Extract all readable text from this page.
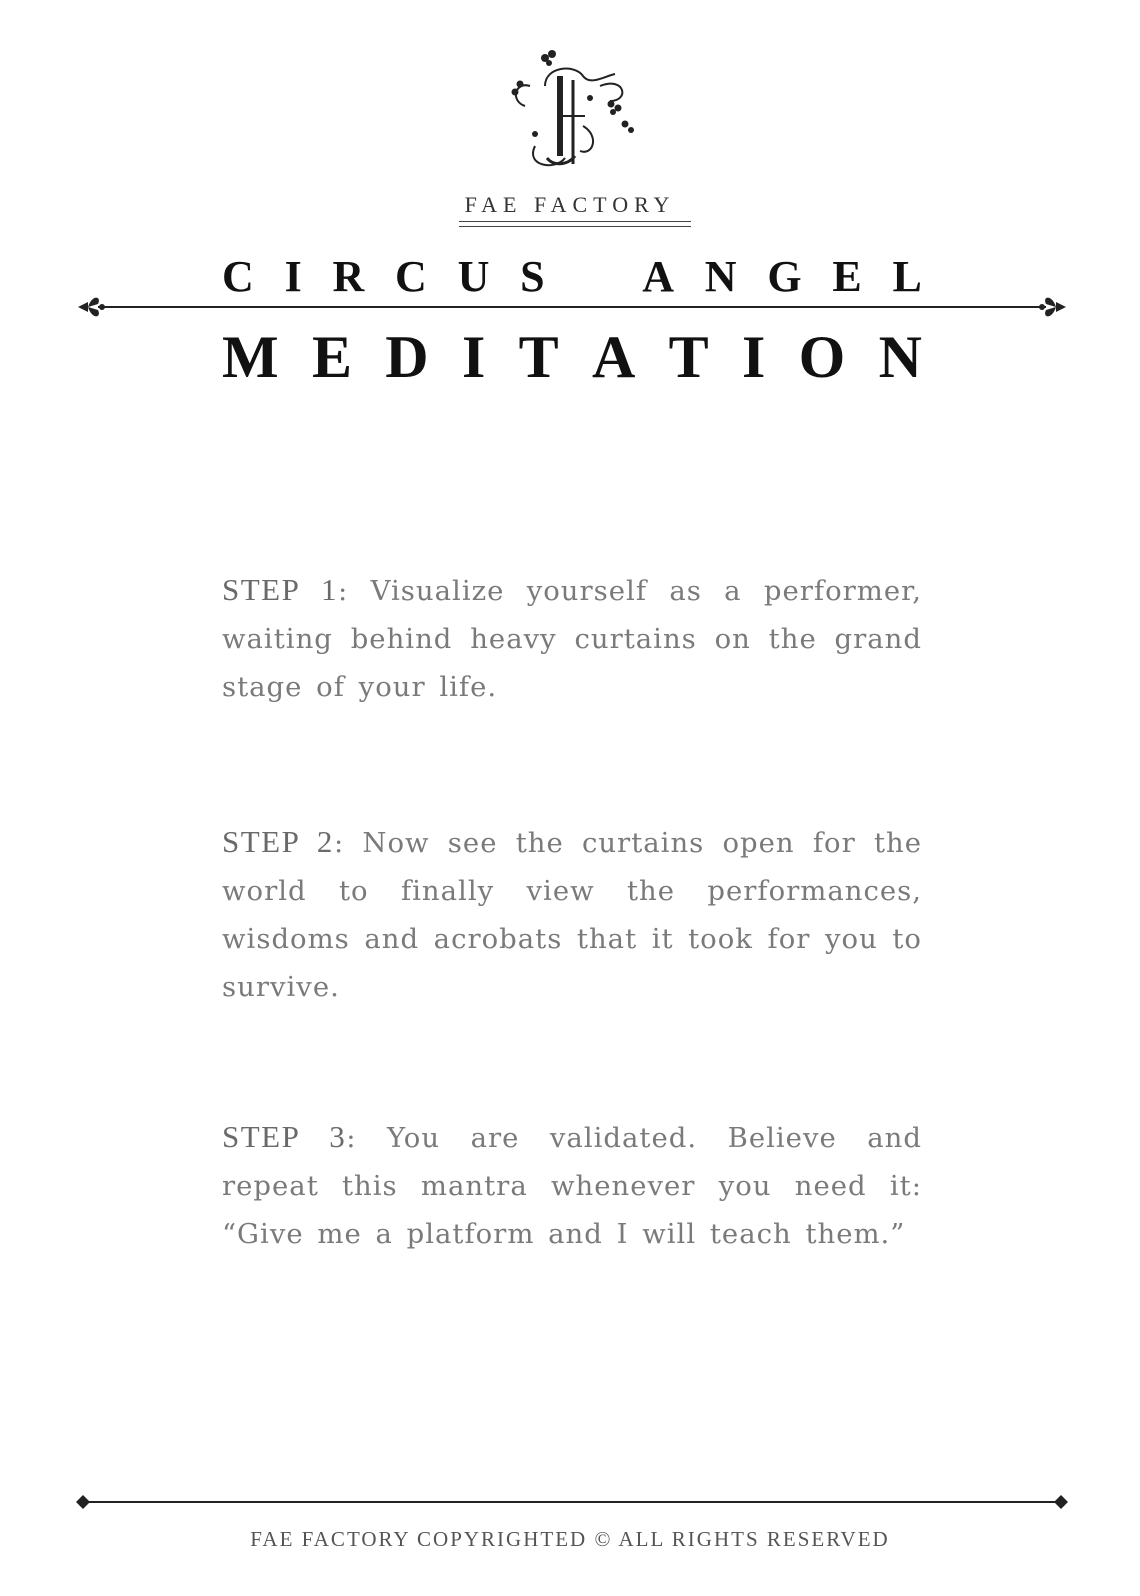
FAE FACTORY
C I R C U S A N G E L
M E D I T A T I O N

STEP 1: Visualize yourself as a performer, waiting behind heavy curtains on the grand stage of your life.

STEP 2: Now see the curtains open for the world to finally view the performances, wisdoms and acrobats that it took for you to survive.

STEP 3: You are validated. Believe and repeat this mantra whenever you need it: “Give me a platform and I will teach them.”

FAE FACTORY COPYRIGHTED © ALL RIGHTS RESERVED
